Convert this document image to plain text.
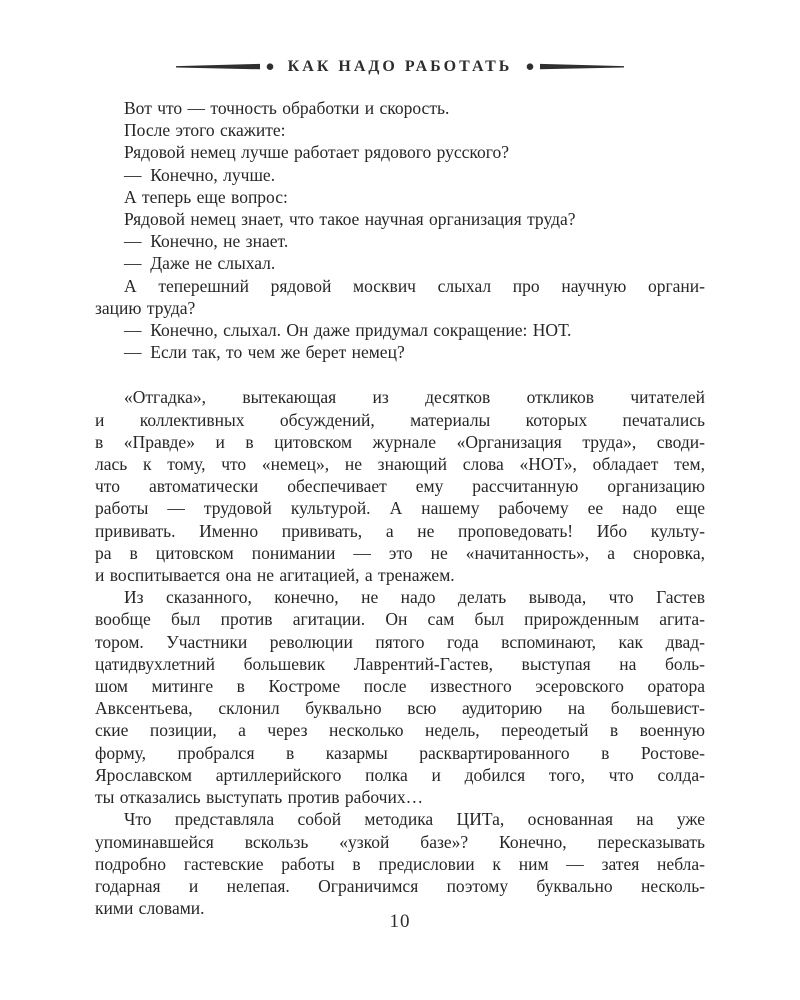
КАК НАДО РАБОТАТЬ
Вот что — точность обработки и скорость.
После этого скажите:
Рядовой немец лучше работает рядового русского?
— Конечно, лучше.
А теперь еще вопрос:
Рядовой немец знает, что такое научная организация труда?
— Конечно, не знает.
— Даже не слыхал.
А теперешний рядовой москвич слыхал про научную органи-
зацию труда?
— Конечно, слыхал. Он даже придумал сокращение: НОТ.
— Если так, то чем же берет немец?
«Отгадка», вытекающая из десятков откликов читателей
и коллективных обсуждений, материалы которых печатались
в «Правде» и в цитовском журнале «Организация труда», своди-
лась к тому, что «немец», не знающий слова «НОТ», обладает тем,
что автоматически обеспечивает ему рассчитанную организацию
работы — трудовой культурой. А нашему рабочему ее надо еще
прививать. Именно прививать, а не проповедовать! Ибо культу-
ра в цитовском понимании — это не «начитанность», а сноровка,
и воспитывается она не агитацией, а тренажем.
Из сказанного, конечно, не надо делать вывода, что Гастев
вообще был против агитации. Он сам был прирожденным агита-
тором. Участники революции пятого года вспоминают, как двад-
цатидвухлетний большевик Лаврентий-Гастев, выступая на боль-
шом митинге в Костроме после известного эсеровского оратора
Авксентьева, склонил буквально всю аудиторию на большевист-
ские позиции, а через несколько недель, переодетый в военную
форму, пробрался в казармы расквартированного в Ростове-
Ярославском артиллерийского полка и добился того, что солда-
ты отказались выступать против рабочих…
Что представляла собой методика ЦИТа, основанная на уже
упоминавшейся вскользь «узкой базе»? Конечно, пересказывать
подробно гастевские работы в предисловии к ним — затея небла-
годарная и нелепая. Ограничимся поэтому буквально несколь-
кими словами.
10
